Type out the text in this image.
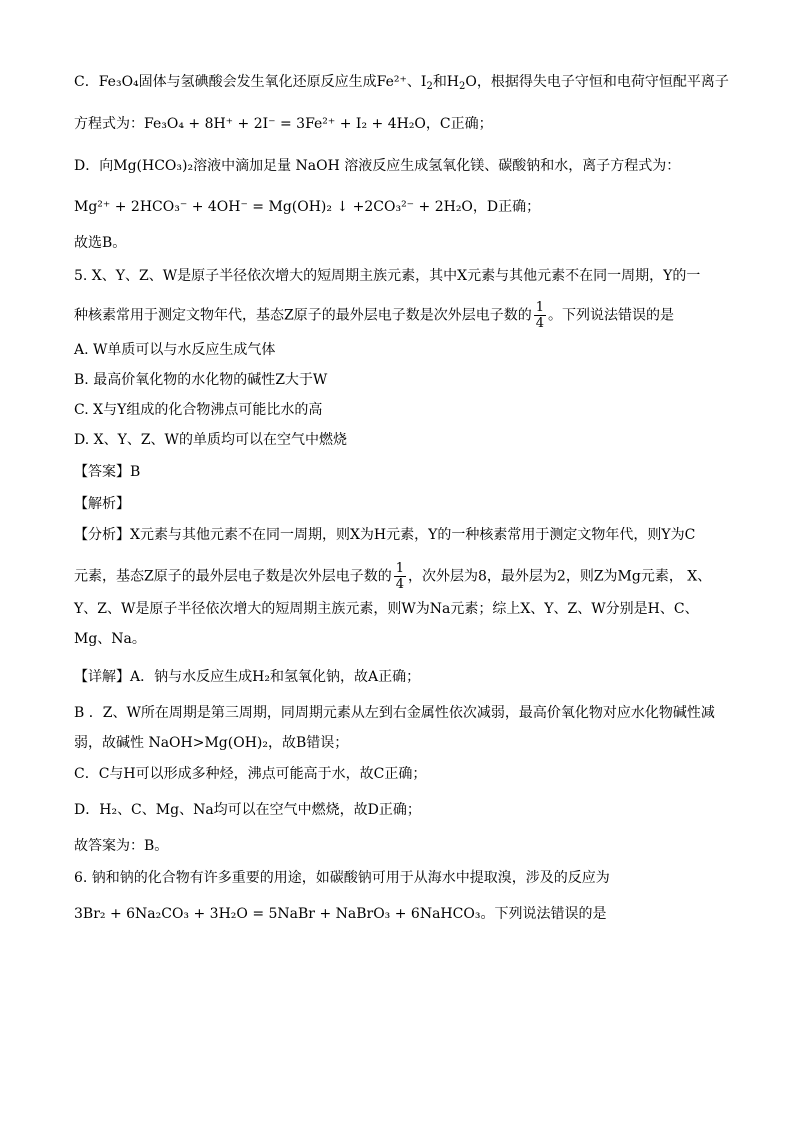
C．Fe₃O₄固体与氢碘酸会发生氧化还原反应生成Fe²⁺、$I_2$和$H_2O$，根据得失电子守恒和电荷守恒配平离子
方程式为：Fe₃O₄ + 8H⁺ + 2I⁻ = 3Fe²⁺ + I₂ + 4H₂O，C正确；
D．向Mg(HCO₃)₂溶液中滴加足量 NaOH 溶液反应生成氢氧化镁、碳酸钠和水，离子方程式为：
Mg²⁺ + 2HCO₃⁻ + 4OH⁻ = Mg(OH)₂ ↓ +2CO₃²⁻ + 2H₂O，D正确；
故选B。
5. X、Y、Z、W是原子半径依次增大的短周期主族元素，其中X元素与其他元素不在同一周期，Y的一
种核素常用于测定文物年代，基态Z原子的最外层电子数是次外层电子数的 $\frac{1}{4}$ 。下列说法错误的是
A. W单质可以与水反应生成气体
B. 最高价氧化物的水化物的碱性Z大于W
C. X与Y组成的化合物沸点可能比水的高
D. X、Y、Z、W的单质均可以在空气中燃烧
【答案】B
【解析】
【分析】X元素与其他元素不在同一周期，则X为H元素，Y的一种核素常用于测定文物年代，则Y为C
元素，基态Z原子的最外层电子数是次外层电子数的 $\frac{1}{4}$ ，次外层为8，最外层为2，则Z为Mg元素， X、
Y、Z、W是原子半径依次增大的短周期主族元素，则W为Na元素；综上X、Y、Z、W分别是H、C、
Mg、Na。
【详解】A．钠与水反应生成H₂和氢氧化钠，故A正确；
B ．Z、W所在周期是第三周期，同周期元素从左到右金属性依次减弱，最高价氧化物对应水化物碱性减
弱，故碱性 NaOH>Mg(OH)₂，故B错误；
C．C与H可以形成多种烃，沸点可能高于水，故C正确；
D．H₂、C、Mg、Na均可以在空气中燃烧，故D正确；
故答案为：B。
6. 钠和钠的化合物有许多重要的用途，如碳酸钠可用于从海水中提取溴，涉及的反应为
3Br₂ + 6Na₂CO₃ + 3H₂O = 5NaBr + NaBrO₃ + 6NaHCO₃。下列说法错误的是
